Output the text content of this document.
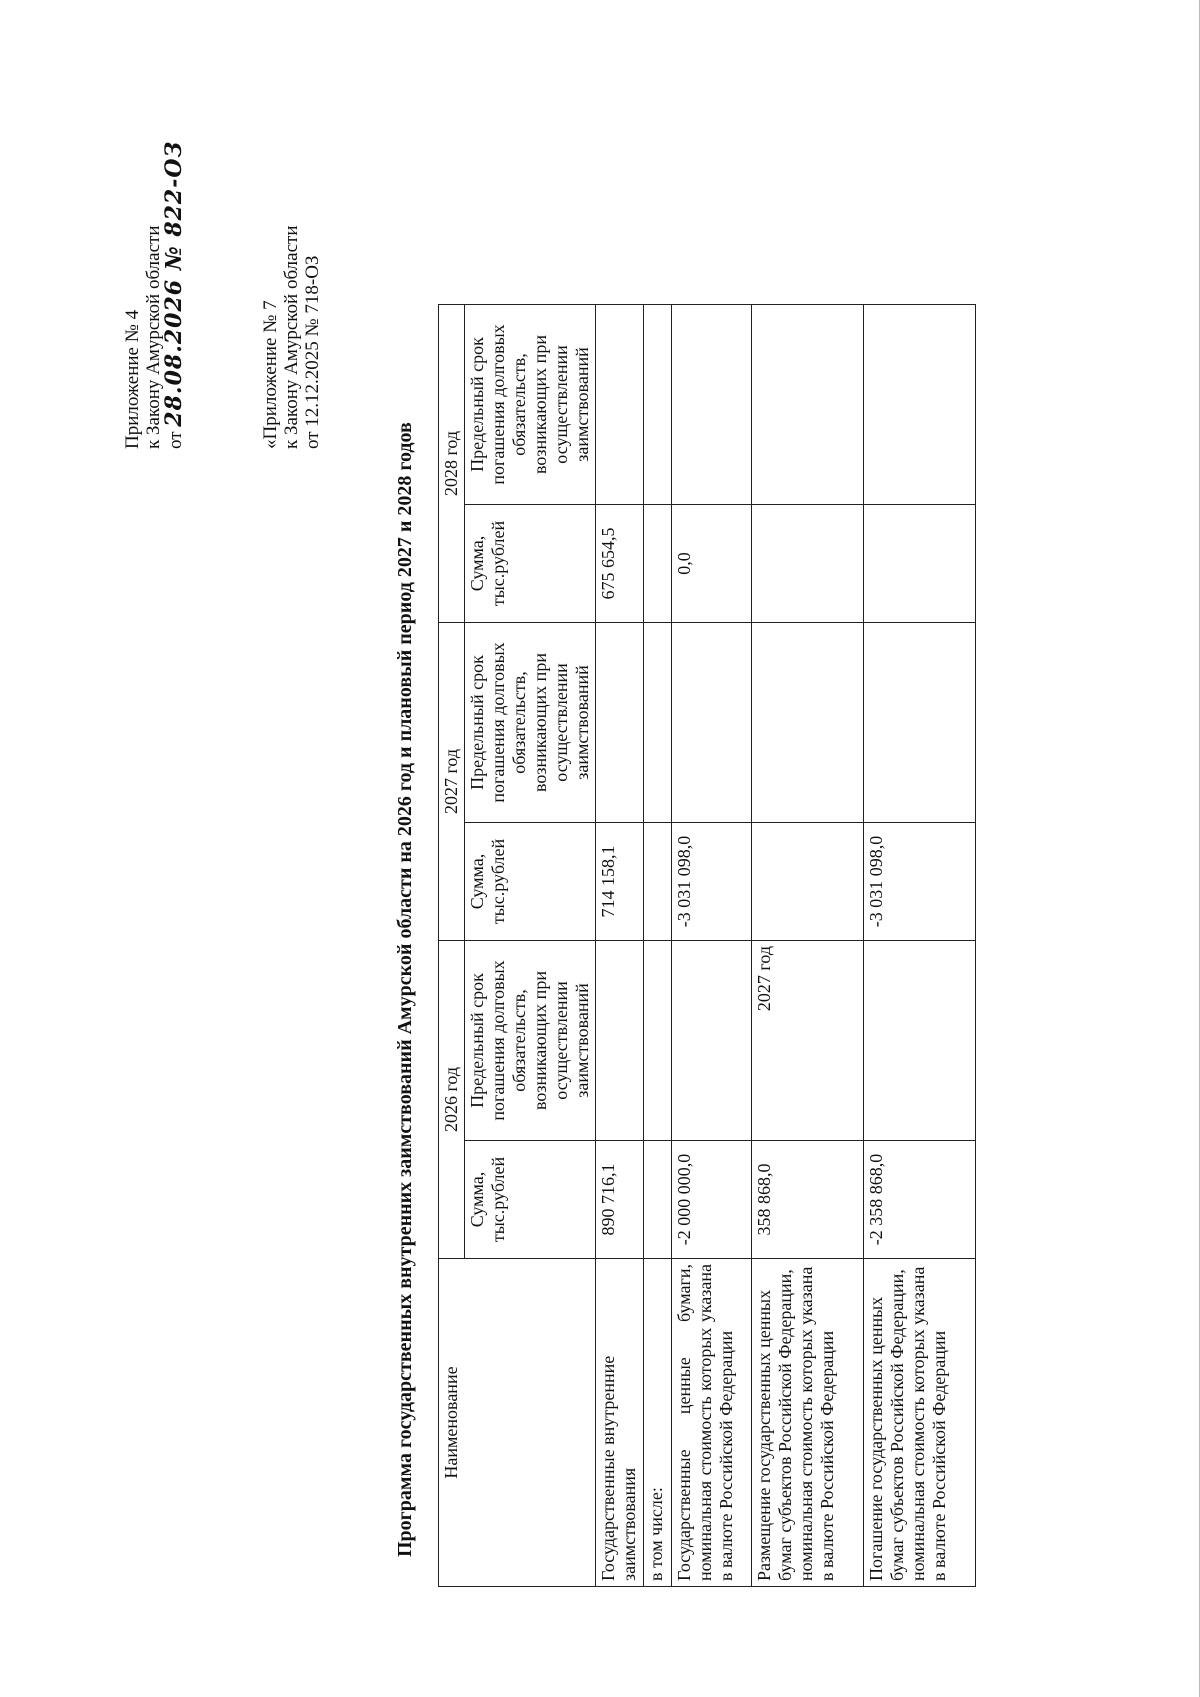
Приложение № 4 к Закону Амурской области от 28.08.2026 № 822-ОЗ	«Приложение № 7 к Закону Амурской области от 12.12.2025 № 718-ОЗ
Программа государственных внутренних заимствований Амурской области на 2026 год и плановый период 2027 и 2028 годов Наименование	2026 год		2027 год		2028 год	
	Сумма, тыс.рублей	Предельный срок погашения долговых обязательств, возникающих при осуществлении заимствований	Сумма, тыс.рублей	Предельный срок погашения долговых обязательств, возникающих при осуществлении заимствований	Сумма, тыс.рублей	Предельный срок погашения долговых обязательств, возникающих при осуществлении заимствований
Государственные внутренние заимствования	890 716,1		714 158,1		675 654,5	
в том числе:						
Государственные ценные бумаги, номинальная стоимость которых указана в валюте Российской Федерации	-2 000 000,0		-3 031 098,0		0,0	
Размещение государственных ценных бумаг субъектов Российской Федерации, номинальная стоимость которых указана в валюте Российской Федерации	358 868,0	2027 год				
Погашение государственных ценных бумаг субъектов Российской Федерации, номинальная стоимость которых указана в валюте Российской Федерации	-2 358 868,0		-3 031 098,0			
